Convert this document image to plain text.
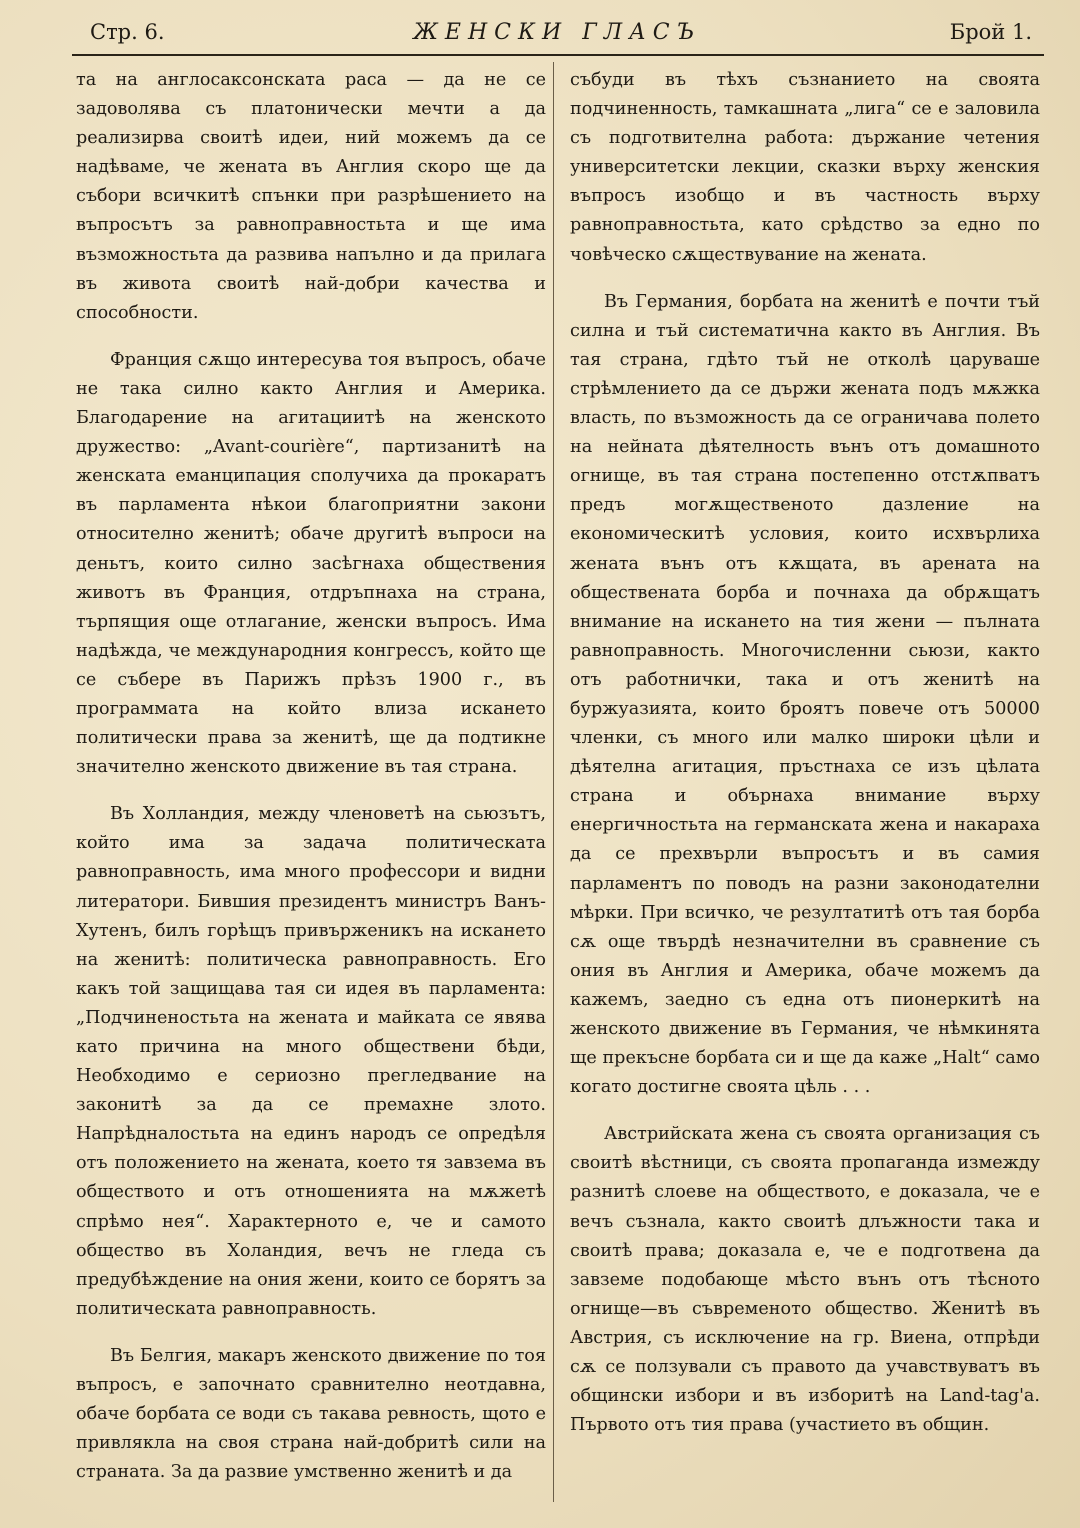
Стр. 6.	ЖЕНСКИ ГЛАСЪ	Брой 1.

та на англосаксонската раса — да не се задоволява съ платонически мечти а да реализирва своитѣ идеи, ний можемъ да се надѣваме, че жената въ Англия скоро ще да събори всичкитѣ спънки при разрѣшението на въпросътъ за равноправностьта и ще има възможностьта да развива напълно и да прилага въ живота своитѣ най-добри качества и способности.

Франция сѫщо интересува тоя въпросъ, обаче не така силно както Англия и Америка. Благодарение на агитациитѣ на женското дружество: „Avant-courière“, партизанитѣ на женската еманципация сполучиха да прокаратъ въ парламента нѣкои благоприятни закони относително женитѣ; обаче другитѣ въпроси на деньтъ, които силно засѣгнаха обществения животъ въ Франция, отдръпнаха на страна, търпящия още отлагание, женски въпросъ. Има надѣжда, че международния конгрессъ, който ще се събере въ Парижъ прѣзъ 1900 г., въ программата на който влиза искането политически права за женитѣ, ще да подтикне значително женското движение въ тая страна.

Въ Холландия, между членоветѣ на сьюзътъ, който има за задача политическата равноправность, има много профессори и видни литератори. Бившия президентъ министръ Ванъ-Хутенъ, билъ горѣщъ привърженикъ на искането на женитѣ: политическа равноправность. Его какъ той защищава тая си идея въ парламента: „Подчиненостьта на жената и майката се явява като причина на много обществени бѣди, Необходимо е сериозно прегледвание на законитѣ за да се премахне злото. Напрѣдналостьта на единъ народъ се опредѣля отъ положението на жената, което тя завзема въ обществото и отъ отношенията на мѫжетѣ спрѣмо нея“. Характерното е, че и самото общество въ Холандия, вечъ не гледа съ предубѣждение на ония жени, които се борятъ за политическата равноправность.

Въ Белгия, макаръ женското движение по тоя въпросъ, е започнато сравнително неотдавна, обаче борбата се води съ такава ревность, щото е привлякла на своя страна най-добритѣ сили на страната. За да развие умственно женитѣ и да

събуди въ тѣхъ съзнанието на своята подчиненность, тамкашната „лига“ се е заловила съ подготвителна работа: държание четения университетски лекции, сказки върху женския въпросъ изобщо и въ частность върху равноправностьта, като срѣдство за едно по човѣчеcко сѫществувание на жената.

Въ Германия, борбата на женитѣ е почти тъй силна и тъй систематична както въ Англия. Въ тая страна, гдѣто тъй не отколѣ царуваше стрѣмлението да се държи жената подъ мѫжка власть, по възможность да се ограничава полето на нейната дѣятелность вънъ отъ домашното огнище, въ тая страна постепенно отстѫпватъ предъ могѫщественото дазление на економическитѣ условия, които исхвърлиха жената вънъ отъ кѫщата, въ арената на обществената борба и почнаха да обрѫщатъ внимание на искането на тия жени — пълната равноправность. Многочисленни сьюзи, както отъ работнички, така и отъ женитѣ на буржуазията, които броятъ повече отъ 50000 членки, съ много или малко широки цѣли и дѣятелна агитация, пръстнаха се изъ цѣлата страна и обърнаха внимание върху енергичностьта на германската жена и накараха да се прехвърли въпросътъ и въ самия парламентъ по поводъ на разни законодателни мѣрки. При всичко, че резултатитѣ отъ тая борба сѫ още твърдѣ незначителни въ сравнение съ ония въ Англия и Америка, обаче можемъ да кажемъ, заедно съ една отъ пионеркитѣ на женското движение въ Германия, че нѣмкинята ще прекъсне борбата си и ще да каже „Halt“ само когато достигне своята цѣль . . .

Австрийската жена съ своята организация съ своитѣ вѣстници, съ своята пропаганда измежду разнитѣ слоеве на обществото, е доказала, че е вечъ съзнала, както своитѣ длъжности така и своитѣ права; доказала е, че е подготвена да завземе подобающе мѣсто вънъ отъ тѣсното огнище—въ съвременото общество. Женитѣ въ Австрия, съ исключение на гр. Виена, отпрѣди сѫ се ползували съ правото да учавствуватъ въ общински избори и въ изборитѣ на Land-tag'a. Първото отъ тия права (участието въ общин.
